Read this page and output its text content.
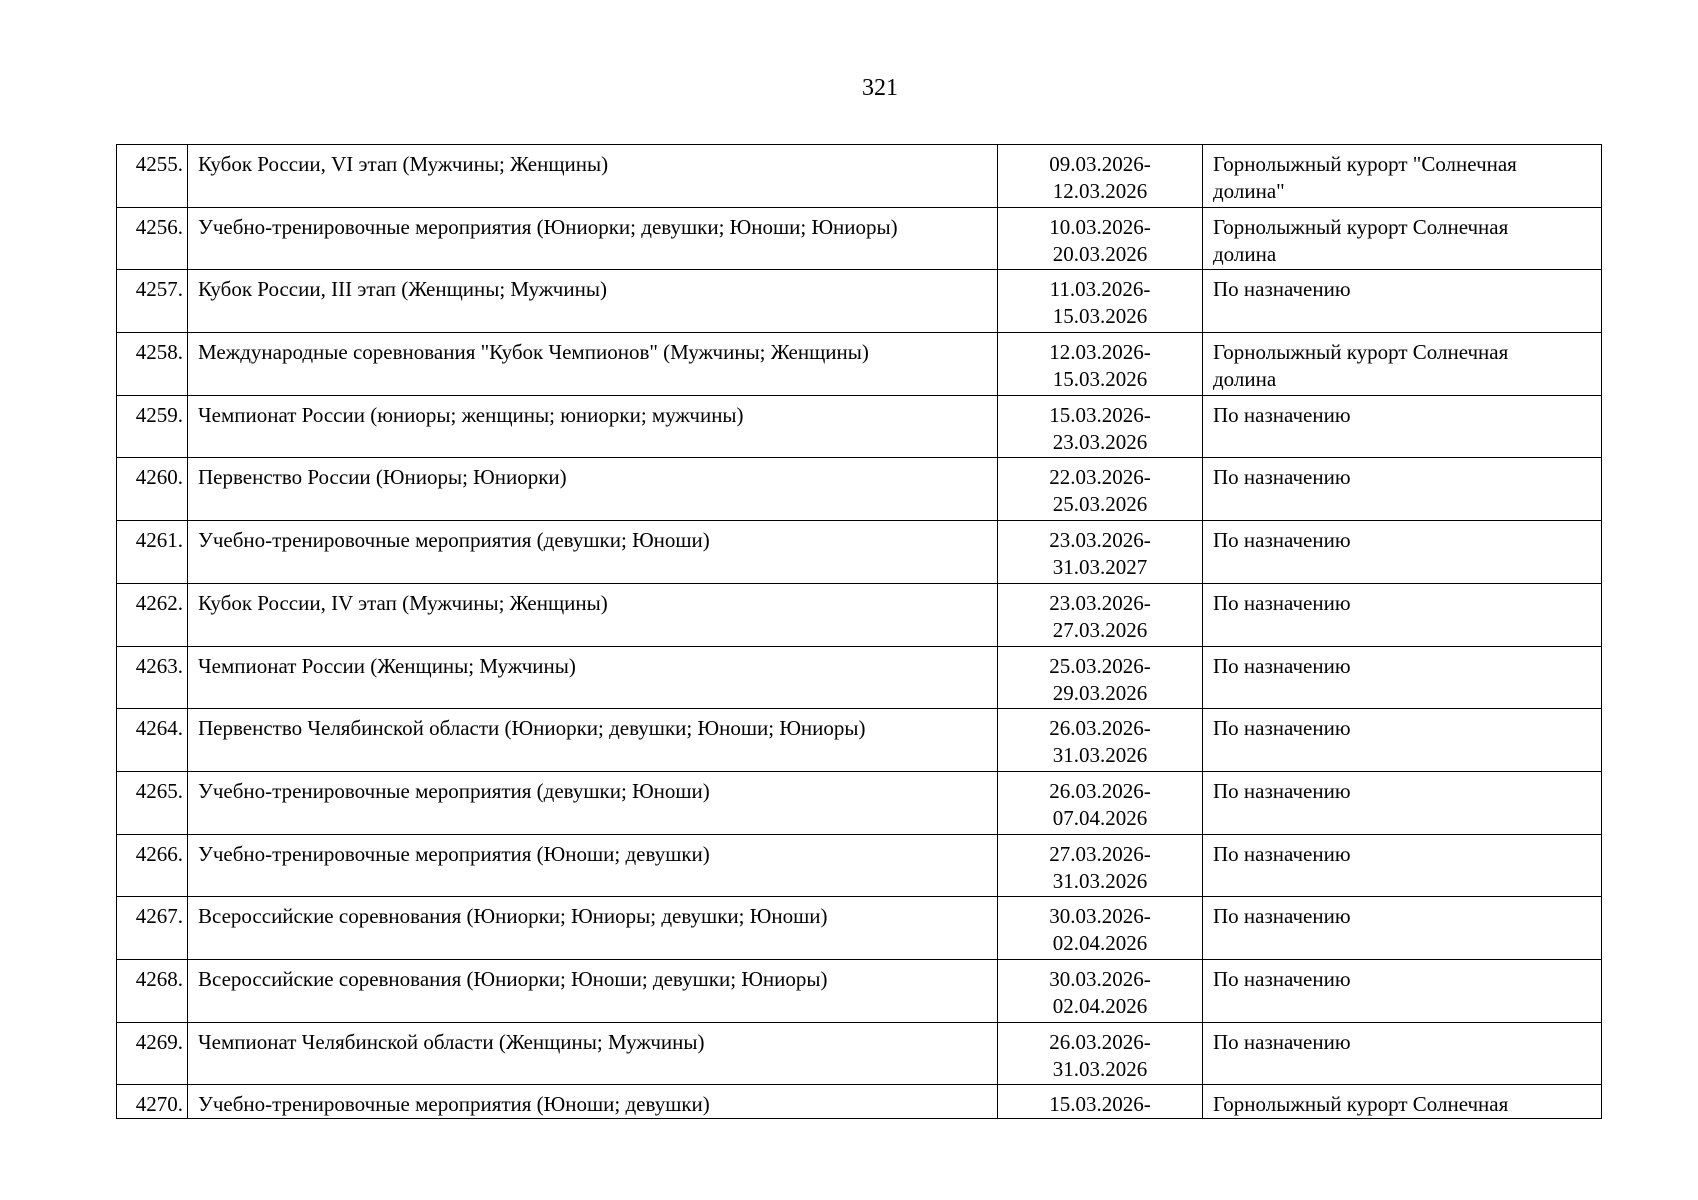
321
4255.	Кубок России, VI этап (Мужчины; Женщины)	09.03.2026-
12.03.2026	Горнолыжный курорт "Солнечная
долина"

4256.	Учебно-тренировочные мероприятия (Юниорки; девушки; Юноши; Юниоры)	10.03.2026-
20.03.2026	Горнолыжный курорт Солнечная
долина

4257.	Кубок России, III этап (Женщины; Мужчины)	11.03.2026-
15.03.2026	По назначению

4258.	Международные соревнования "Кубок Чемпионов" (Мужчины; Женщины)	12.03.2026-
15.03.2026	Горнолыжный курорт Солнечная
долина

4259.	Чемпионат России (юниоры; женщины; юниорки; мужчины)	15.03.2026-
23.03.2026	По назначению

4260.	Первенство России (Юниоры; Юниорки)	22.03.2026-
25.03.2026	По назначению

4261.	Учебно-тренировочные мероприятия (девушки; Юноши)	23.03.2026-
31.03.2027	По назначению

4262.	Кубок России, IV этап (Мужчины; Женщины)	23.03.2026-
27.03.2026	По назначению

4263.	Чемпионат России (Женщины; Мужчины)	25.03.2026-
29.03.2026	По назначению

4264.	Первенство Челябинской области (Юниорки; девушки; Юноши; Юниоры)	26.03.2026-
31.03.2026	По назначению

4265.	Учебно-тренировочные мероприятия (девушки; Юноши)	26.03.2026-
07.04.2026	По назначению

4266.	Учебно-тренировочные мероприятия (Юноши; девушки)	27.03.2026-
31.03.2026	По назначению

4267.	Всероссийские соревнования (Юниорки; Юниоры; девушки; Юноши)	30.03.2026-
02.04.2026	По назначению

4268.	Всероссийские соревнования (Юниорки; Юноши; девушки; Юниоры)	30.03.2026-
02.04.2026	По назначению

4269.	Чемпионат Челябинской области (Женщины; Мужчины)	26.03.2026-
31.03.2026	По назначению

4270.	Учебно-тренировочные мероприятия (Юноши; девушки)	15.03.2026-	Горнолыжный курорт Солнечная
